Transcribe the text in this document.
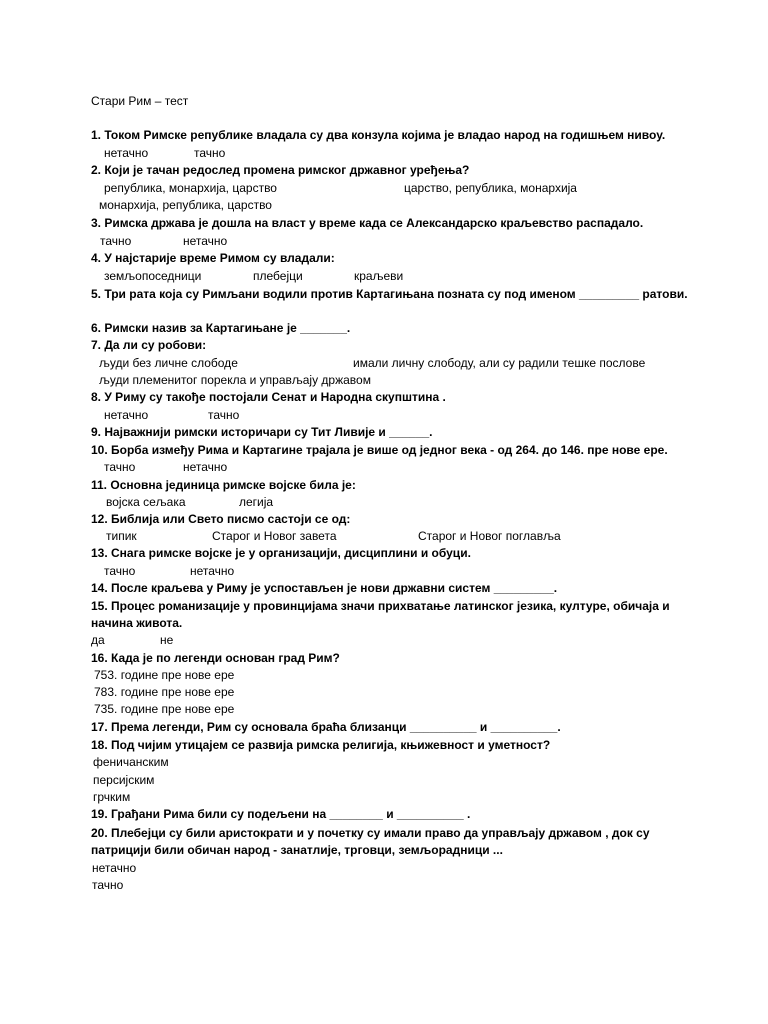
Стари Рим – тест
1. Током Римске републике владала су два конзула којима је владао народ на годишњем нивоу.
нетачно	тачно
2. Који је тачан редослед промена римског државног уређења?
република, монархија, царство	царство, република, монархија
монархија, република, царство
3. Римска држава је дошла на власт у време када се Александарско краљевство распадало.
тачно	нетачно
4. У најстарије време Римом су владали:
земљопоседници	плебејци	краљеви
5. Три рата која су Римљани водили против Картагињана позната су под именом _________ ратови.
6. Римски назив за Картагињане је _______.
7. Да ли су робови:
људи без личне слободе	имали личну слободу, али су радили тешке послове
људи племенитог порекла и управљају државом
8. У Риму су такође постојали Сенат и Народна скупштина .
нетачно	тачно
9. Најважнији римски историчари су Тит Ливије и ______.
10. Борба између Рима и Картагине трајала је више од једног века - од 264. до 146. пре нове ере.
тачно	нетачно
11. Основна јединица римске војске била је:
војска сељака	легија
12. Библија или Свето писмо састоји се од:
типик	Старог и Новог завета	Старог и Новог поглавља
13. Снага римске војске је у организацији, дисциплини и обуци.
тачно	нетачно
14. После краљева у Риму је успостављен је нови државни систем _________.
15. Процес романизације у провинцијама значи прихватање латинског језика, културе, обичаја и начина живота.
да	не
16. Када је по легенди основан град Рим?
753. године пре нове ере
783. године пре нове ере
735. године пре нове ере
17. Према легенди, Рим су основала браћа близанци __________ и __________.
18. Под чијим утицајем се развија римска религија, књижевност и уметност?
феничанским
персијским
грчким
19. Грађани Рима били су подељени на ________ и __________ .
20. Плебејци су били аристократи и у почетку су имали право да управљају државом , док су патрицији били обичан народ - занатлије, трговци, земљорадници ...
нетачно
тачно
